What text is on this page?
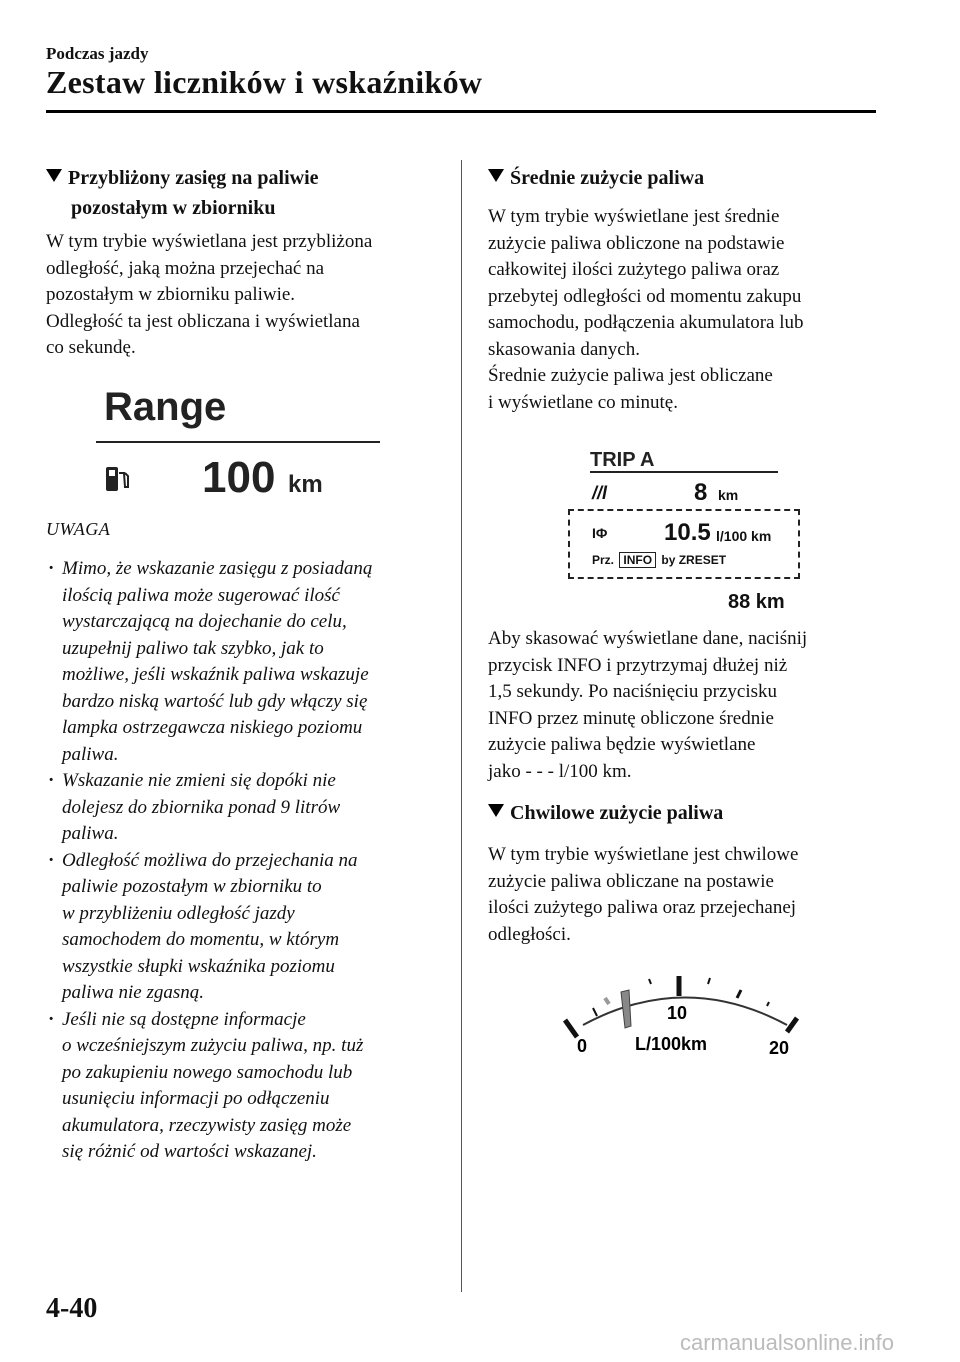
Podczas jazdy
Zestaw liczników i wskaźników
Przybliżony zasięg na paliwie
pozostałym w zbiorniku
W tym trybie wyświetlana jest przybliżona
odległość, jaką można przejechać na
pozostałym w zbiorniku paliwie.
Odległość ta jest obliczana i wyświetlana
co sekundę.
Range
100 km
UWAGA
· Mimo, że wskazanie zasięgu z posiadaną
ilością paliwa może sugerować ilość
wystarczającą na dojechanie do celu,
uzupełnij paliwo tak szybko, jak to
możliwe, jeśli wskaźnik paliwa wskazuje
bardzo niską wartość lub gdy włączy się
lampka ostrzegawcza niskiego poziomu
paliwa.
· Wskazanie nie zmieni się dopóki nie
dolejesz do zbiornika ponad 9 litrów
paliwa.
· Odległość możliwa do przejechania na
paliwie pozostałym w zbiorniku to
w przybliżeniu odległość jazdy
samochodem do momentu, w którym
wszystkie słupki wskaźnika poziomu
paliwa nie zgasną.
· Jeśli nie są dostępne informacje
o wcześniejszym zużyciu paliwa, np. tuż
po zakupieniu nowego samochodu lub
usunięciu informacji po odłączeniu
akumulatora, rzeczywisty zasięg może
się różnić od wartości wskazanej.
Średnie zużycie paliwa
W tym trybie wyświetlane jest średnie
zużycie paliwa obliczone na podstawie
całkowitej ilości zużytego paliwa oraz
przebytej odległości od momentu zakupu
samochodu, podłączenia akumulatora lub
skasowania danych.
Średnie zużycie paliwa jest obliczane
i wyświetlane co minutę.
TRIP A
//l	8 km
IΦ 10.5 l/100 km
Prz. INFO by ZRESET
88 km
Aby skasować wyświetlane dane, naciśnij
przycisk INFO i przytrzymaj dłużej niż
1,5 sekundy. Po naciśnięciu przycisku
INFO przez minutę obliczone średnie
zużycie paliwa będzie wyświetlane
jako - - - l/100 km.
Chwilowe zużycie paliwa
W tym trybie wyświetlane jest chwilowe
zużycie paliwa obliczane na postawie
ilości zużytego paliwa oraz przejechanej
odległości.
0
10
20
L/100km
4-40
carmanualsonline.info
